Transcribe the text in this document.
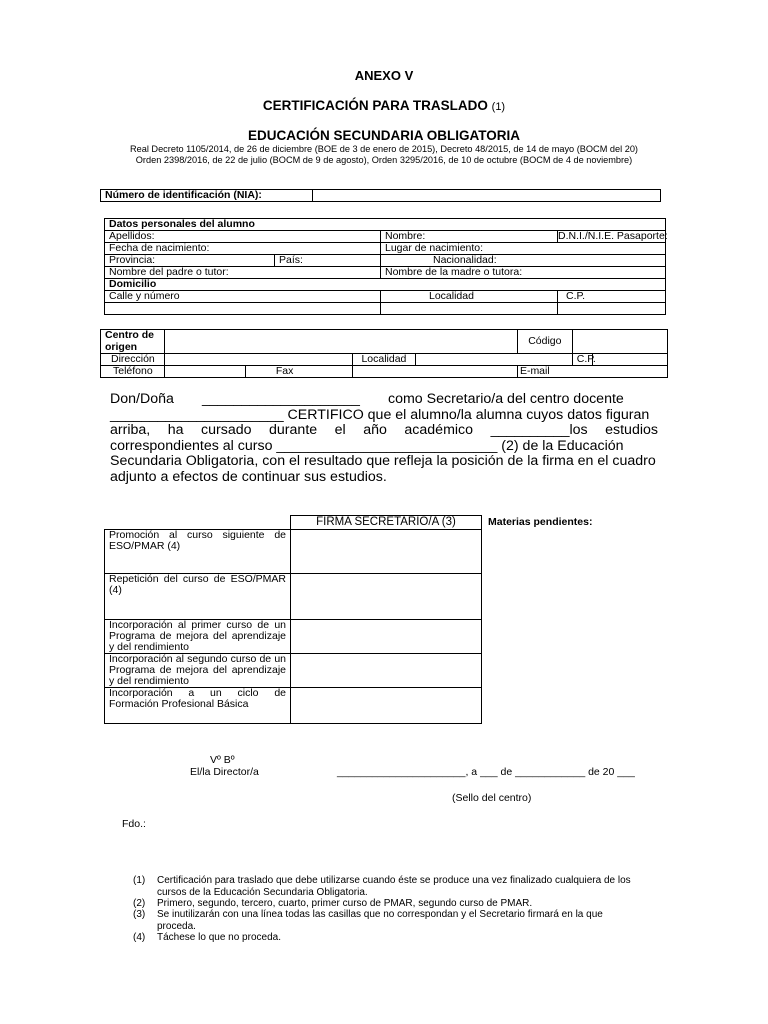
ANEXO V
CERTIFICACIÓN PARA TRASLADO (1)
EDUCACIÓN SECUNDARIA OBLIGATORIA
Real Decreto 1105/2014, de 26 de diciembre (BOE de 3 de enero de 2015), Decreto 48/2015, de 14 de mayo (BOCM del 20)
Orden 2398/2016, de 22 de julio (BOCM de 9 de agosto), Orden 3295/2016, de 10 de octubre (BOCM de 4 de noviembre)
Número de identificación (NIA):	
Datos personales del alumno			
Apellidos:		Nombre:	D.N.I./N.I.E. Pasaporte:
Fecha de nacimiento:		Lugar de nacimiento:	
Provincia:	País:	Nacionalidad:	
Nombre del padre o tutor:		Nombre de la madre o tutora:	
Domicilio			
Calle y número		Localidad	C.P.

Centro de origen					Código		
Dirección			Localidad			C.P.	
Teléfono		Fax			E-mail		
Don/Doña ____________________ como Secretario/a del centro docente
______________________ CERTIFICO que el alumno/la alumna cuyos datos figuran
arriba, ha cursado durante el año académico __________los estudios
correspondientes al curso ____________________________ (2) de la Educación
Secundaria Obligatoria, con el resultado que refleja la posición de la firma en el cuadro
adjunto a efectos de continuar sus estudios.
	FIRMA SECRETARIO/A (3)
Promoción al curso siguiente de ESO/PMAR (4)	
Repetición del curso de ESO/PMAR (4)	
Incorporación al primer curso de un Programa de mejora del aprendizaje y del rendimiento	
Incorporación al segundo curso de un Programa de mejora del aprendizaje y del rendimiento	
Incorporación a un ciclo de Formación Profesional Básica	
Materias pendientes:
Vº Bº
El/la Director/a	______________________, a ___ de ____________ de 20 ___
(Sello del centro)
Fdo.:
(1) Certificación para traslado que debe utilizarse cuando éste se produce una vez finalizado cualquiera de los cursos de la Educación Secundaria Obligatoria.
(2) Primero, segundo, tercero, cuarto, primer curso de PMAR, segundo curso de PMAR.
(3) Se inutilizarán con una línea todas las casillas que no correspondan y el Secretario firmará en la que proceda.
(4) Táchese lo que no proceda.
